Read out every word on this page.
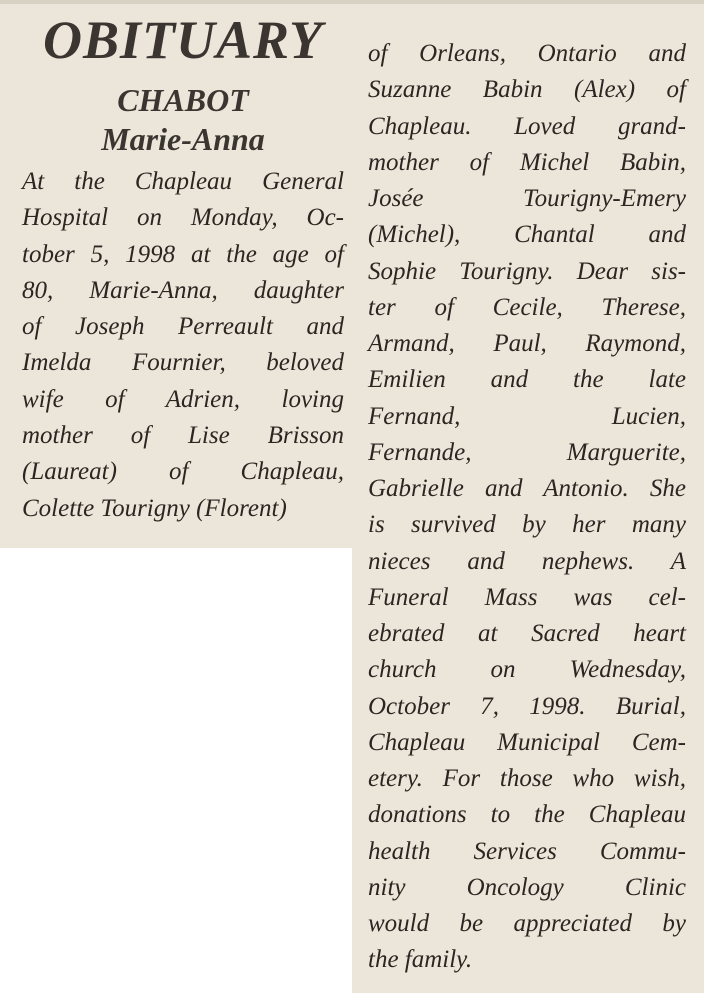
OBITUARY
CHABOT
Marie-Anna
At the Chapleau General
Hospital on Monday, Oc-
tober 5, 1998 at the age of
80, Marie-Anna, daughter
of Joseph Perreault and
Imelda Fournier, beloved
wife of Adrien, loving
mother of Lise Brisson
(Laureat) of Chapleau,
Colette Tourigny (Florent)
of Orleans, Ontario and
Suzanne Babin (Alex) of
Chapleau. Loved grand-
mother of Michel Babin,
Josée Tourigny-Emery
(Michel), Chantal and
Sophie Tourigny. Dear sis-
ter of Cecile, Therese,
Armand, Paul, Raymond,
Emilien and the late
Fernand, Lucien,
Fernande, Marguerite,
Gabrielle and Antonio. She
is survived by her many
nieces and nephews. A
Funeral Mass was cel-
ebrated at Sacred heart
church on Wednesday,
October 7, 1998. Burial,
Chapleau Municipal Cem-
etery. For those who wish,
donations to the Chapleau
health Services Commu-
nity Oncology Clinic
would be appreciated by
the family.
